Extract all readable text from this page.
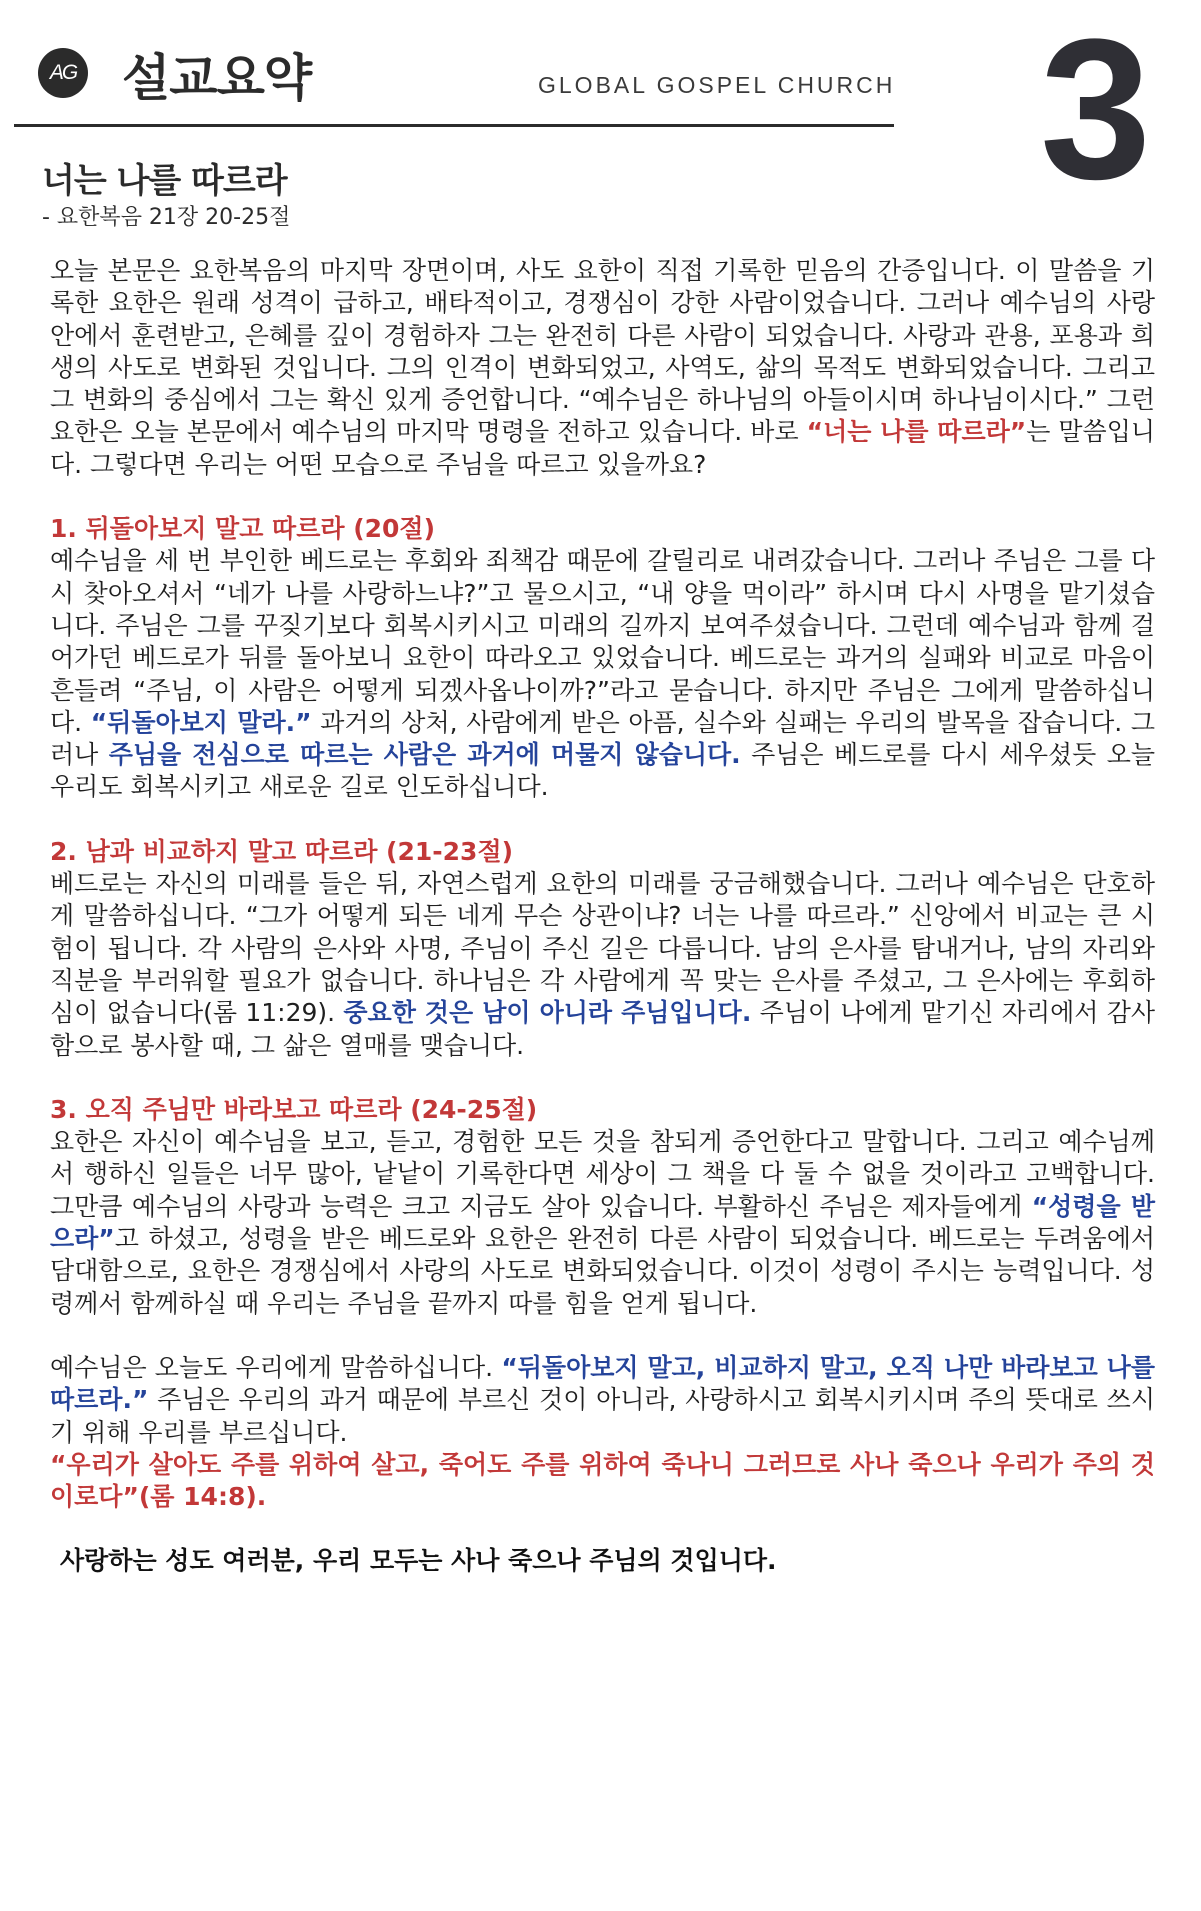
AG 설교요약	GLOBAL GOSPEL CHURCH 3
너는 나를 따르라
- 요한복음 21장 20-25절

오늘 본문은 요한복음의 마지막 장면이며, 사도 요한이 직접 기록한 믿음의 간증입니다. 이 말씀을 기록한 요한은 원래 성격이 급하고, 배타적이고, 경쟁심이 강한 사람이었습니다. 그러나 예수님의 사랑 안에서 훈련받고, 은혜를 깊이 경험하자 그는 완전히 다른 사람이 되었습니다. 사랑과 관용, 포용과 희생의 사도로 변화된 것입니다. 그의 인격이 변화되었고, 사역도, 삶의 목적도 변화되었습니다. 그리고 그 변화의 중심에서 그는 확신 있게 증언합니다. “예수님은 하나님의 아들이시며 하나님이시다.” 그런 요한은 오늘 본문에서 예수님의 마지막 명령을 전하고 있습니다. 바로 “너는 나를 따르라”는 말씀입니다. 그렇다면 우리는 어떤 모습으로 주님을 따르고 있을까요?

1. 뒤돌아보지 말고 따르라 (20절)

예수님을 세 번 부인한 베드로는 후회와 죄책감 때문에 갈릴리로 내려갔습니다. 그러나 주님은 그를 다시 찾아오셔서 “네가 나를 사랑하느냐?”고 물으시고, “내 양을 먹이라” 하시며 다시 사명을 맡기셨습니다. 주님은 그를 꾸짖기보다 회복시키시고 미래의 길까지 보여주셨습니다. 그런데 예수님과 함께 걸어가던 베드로가 뒤를 돌아보니 요한이 따라오고 있었습니다. 베드로는 과거의 실패와 비교로 마음이 흔들려 “주님, 이 사람은 어떻게 되겠사옵나이까?”라고 묻습니다. 하지만 주님은 그에게 말씀하십니다. “뒤돌아보지 말라.” 과거의 상처, 사람에게 받은 아픔, 실수와 실패는 우리의 발목을 잡습니다. 그러나 주님을 전심으로 따르는 사람은 과거에 머물지 않습니다. 주님은 베드로를 다시 세우셨듯 오늘 우리도 회복시키고 새로운 길로 인도하십니다.

2. 남과 비교하지 말고 따르라 (21-23절)

베드로는 자신의 미래를 들은 뒤, 자연스럽게 요한의 미래를 궁금해했습니다. 그러나 예수님은 단호하게 말씀하십니다. “그가 어떻게 되든 네게 무슨 상관이냐? 너는 나를 따르라.” 신앙에서 비교는 큰 시험이 됩니다. 각 사람의 은사와 사명, 주님이 주신 길은 다릅니다. 남의 은사를 탐내거나, 남의 자리와 직분을 부러워할 필요가 없습니다. 하나님은 각 사람에게 꼭 맞는 은사를 주셨고, 그 은사에는 후회하심이 없습니다(롬 11:29). 중요한 것은 남이 아니라 주님입니다. 주님이 나에게 맡기신 자리에서 감사함으로 봉사할 때, 그 삶은 열매를 맺습니다.

3. 오직 주님만 바라보고 따르라 (24-25절)

요한은 자신이 예수님을 보고, 듣고, 경험한 모든 것을 참되게 증언한다고 말합니다. 그리고 예수님께서 행하신 일들은 너무 많아, 낱낱이 기록한다면 세상이 그 책을 다 둘 수 없을 것이라고 고백합니다. 그만큼 예수님의 사랑과 능력은 크고 지금도 살아 있습니다. 부활하신 주님은 제자들에게 “성령을 받으라”고 하셨고, 성령을 받은 베드로와 요한은 완전히 다른 사람이 되었습니다. 베드로는 두려움에서 담대함으로, 요한은 경쟁심에서 사랑의 사도로 변화되었습니다. 이것이 성령이 주시는 능력입니다. 성령께서 함께하실 때 우리는 주님을 끝까지 따를 힘을 얻게 됩니다.

예수님은 오늘도 우리에게 말씀하십니다. “뒤돌아보지 말고, 비교하지 말고, 오직 나만 바라보고 나를 따르라.” 주님은 우리의 과거 때문에 부르신 것이 아니라, 사랑하시고 회복시키시며 주의 뜻대로 쓰시기 위해 우리를 부르십니다.

“우리가 살아도 주를 위하여 살고, 죽어도 주를 위하여 죽나니 그러므로 사나 죽으나 우리가 주의 것이로다”(롬 14:8).

사랑하는 성도 여러분, 우리 모두는 사나 죽으나 주님의 것입니다.
